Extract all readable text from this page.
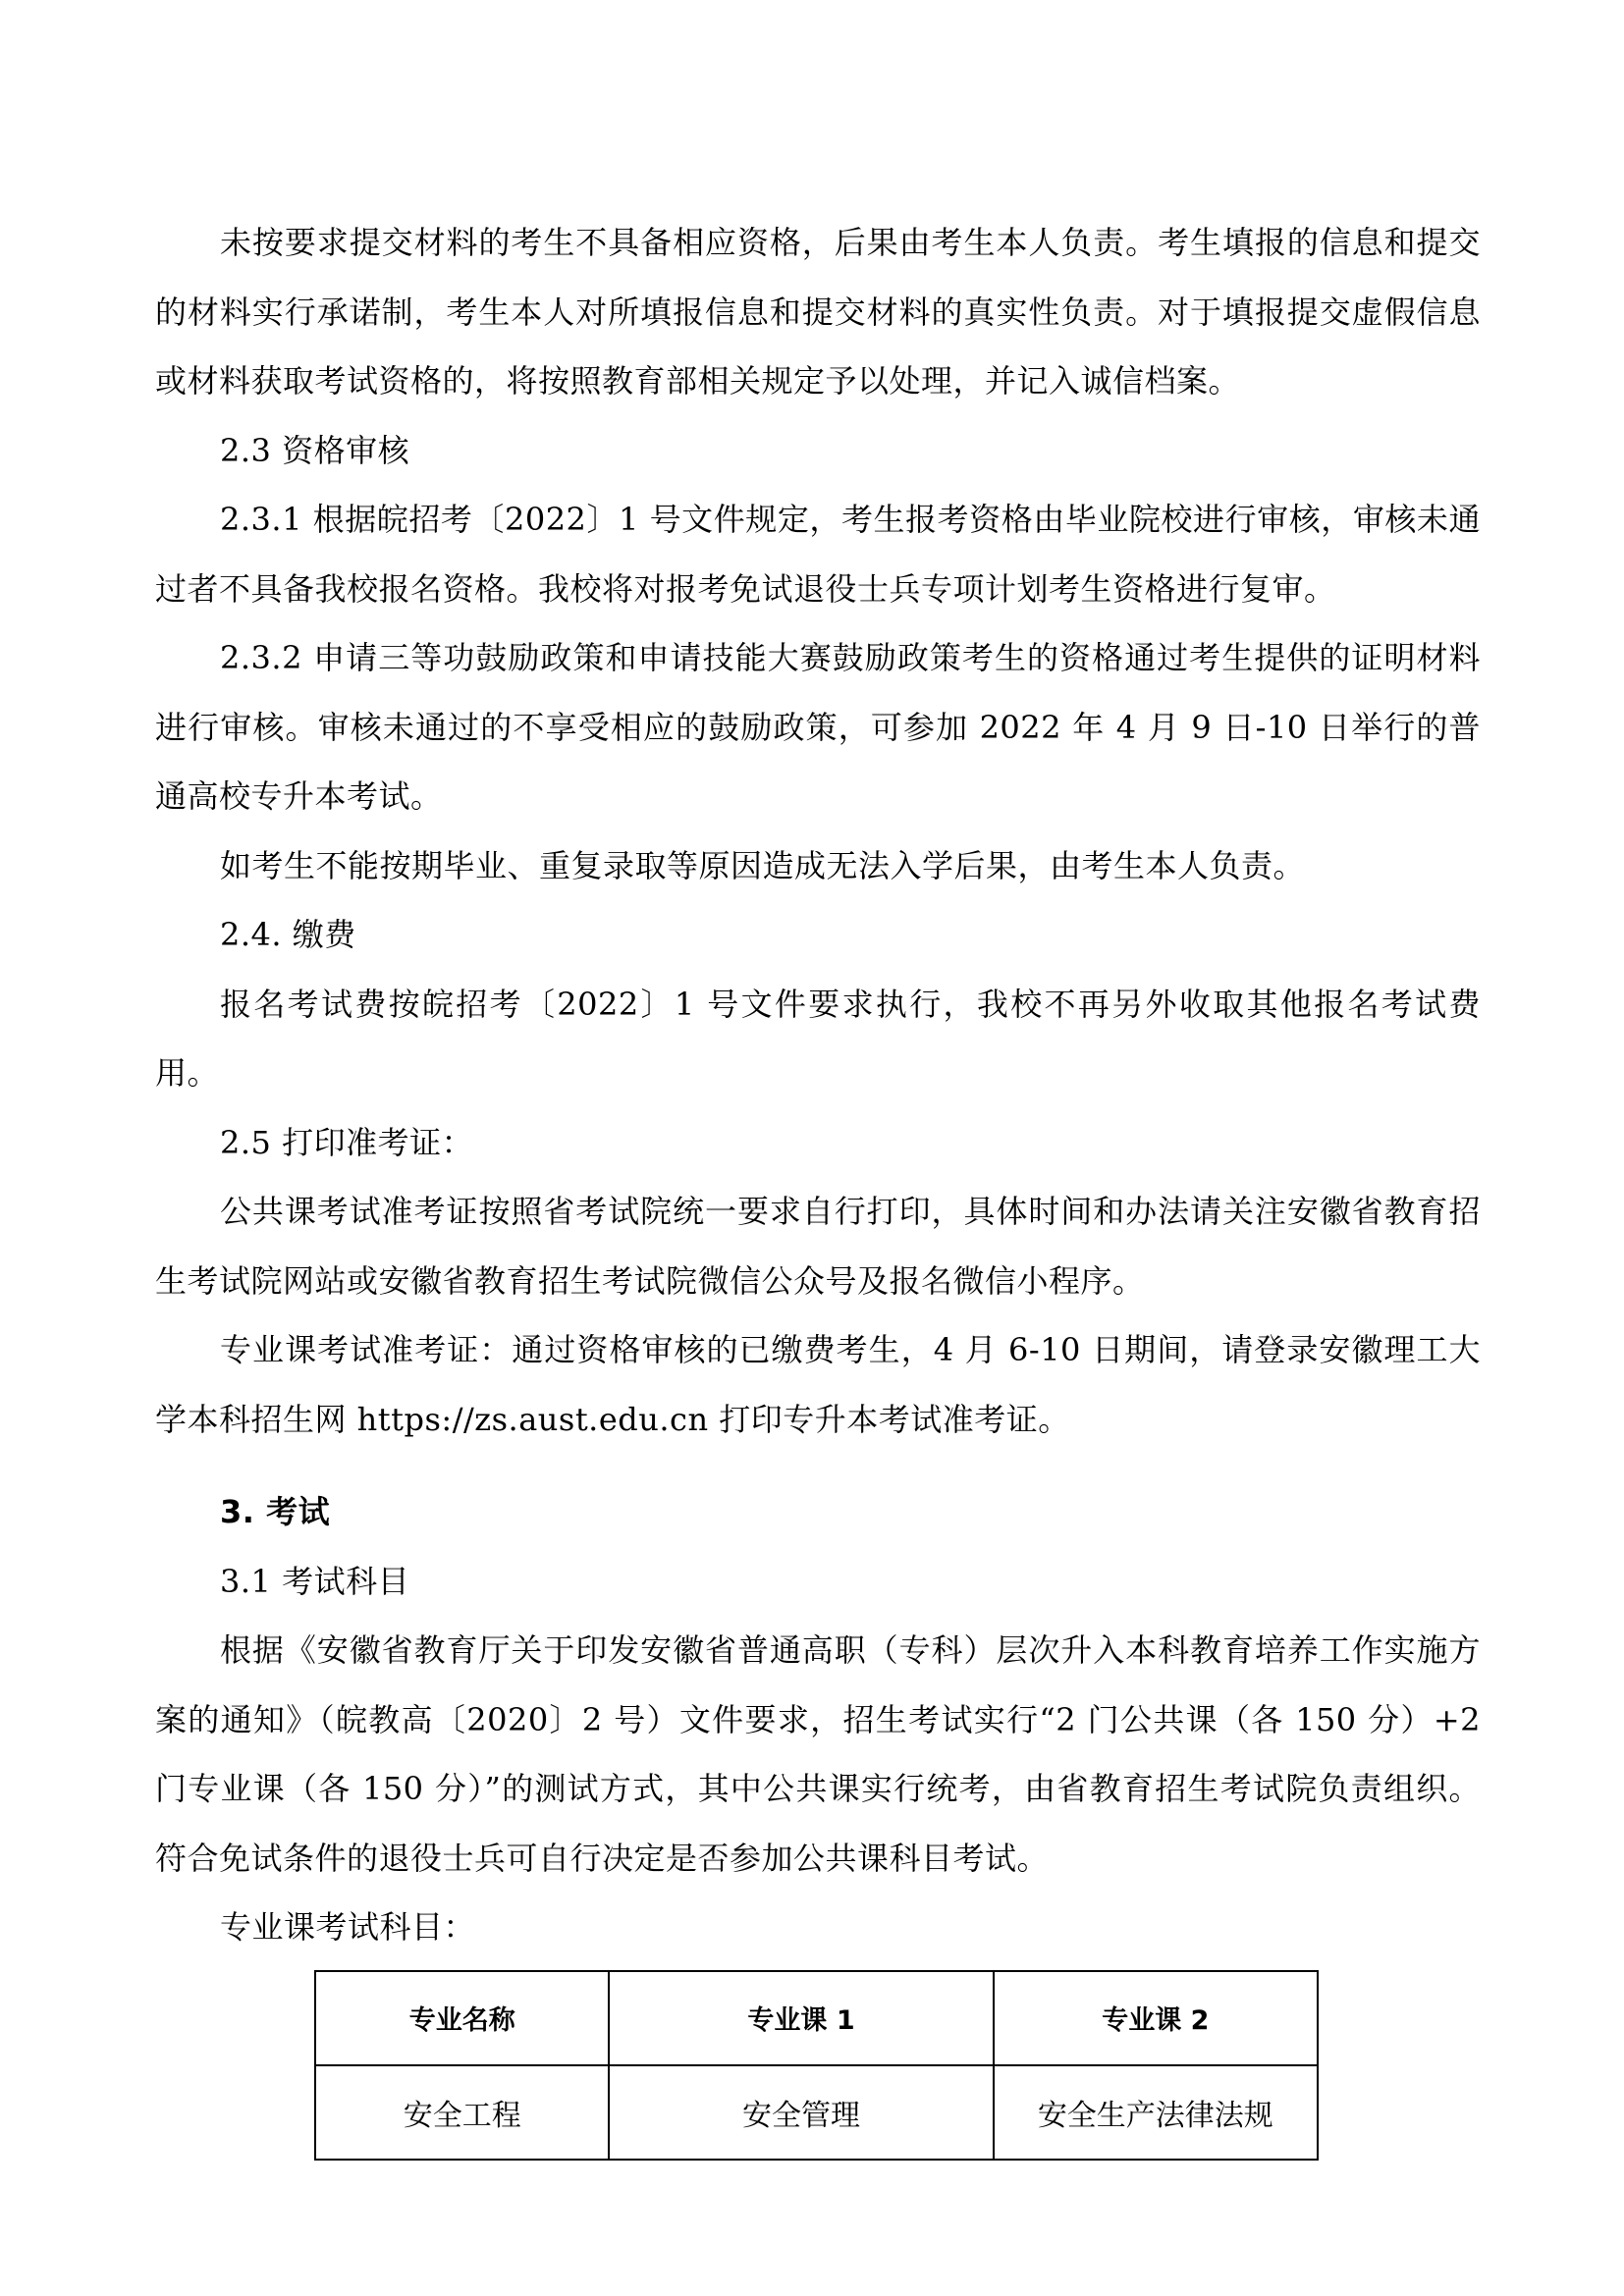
未按要求提交材料的考生不具备相应资格，后果由考生本人负责。考生填报的信息和提交的材料实行承诺制，考生本人对所填报信息和提交材料的真实性负责。对于填报提交虚假信息或材料获取考试资格的，将按照教育部相关规定予以处理，并记入诚信档案。

2.3 资格审核

2.3.1 根据皖招考〔2022〕1 号文件规定，考生报考资格由毕业院校进行审核，审核未通过者不具备我校报名资格。我校将对报考免试退役士兵专项计划考生资格进行复审。

2.3.2 申请三等功鼓励政策和申请技能大赛鼓励政策考生的资格通过考生提供的证明材料进行审核。审核未通过的不享受相应的鼓励政策，可参加 2022 年 4 月 9 日-10 日举行的普通高校专升本考试。

如考生不能按期毕业、重复录取等原因造成无法入学后果，由考生本人负责。

2.4. 缴费

报名考试费按皖招考〔2022〕1 号文件要求执行，我校不再另外收取其他报名考试费用。

2.5 打印准考证：

公共课考试准考证按照省考试院统一要求自行打印，具体时间和办法请关注安徽省教育招生考试院网站或安徽省教育招生考试院微信公众号及报名微信小程序。

专业课考试准考证：通过资格审核的已缴费考生，4 月 6-10 日期间，请登录安徽理工大学本科招生网 https://zs.aust.edu.cn 打印专升本考试准考证。

3. 考试

3.1 考试科目

根据《安徽省教育厅关于印发安徽省普通高职（专科）层次升入本科教育培养工作实施方案的通知》（皖教高〔2020〕2 号）文件要求，招生考试实行“2 门公共课（各 150 分）+2 门专业课（各 150 分）”的测试方式，其中公共课实行统考，由省教育招生考试院负责组织。符合免试条件的退役士兵可自行决定是否参加公共课科目考试。

专业课考试科目：

专业名称	专业课 1	专业课 2
安全工程	安全管理	安全生产法律法规
